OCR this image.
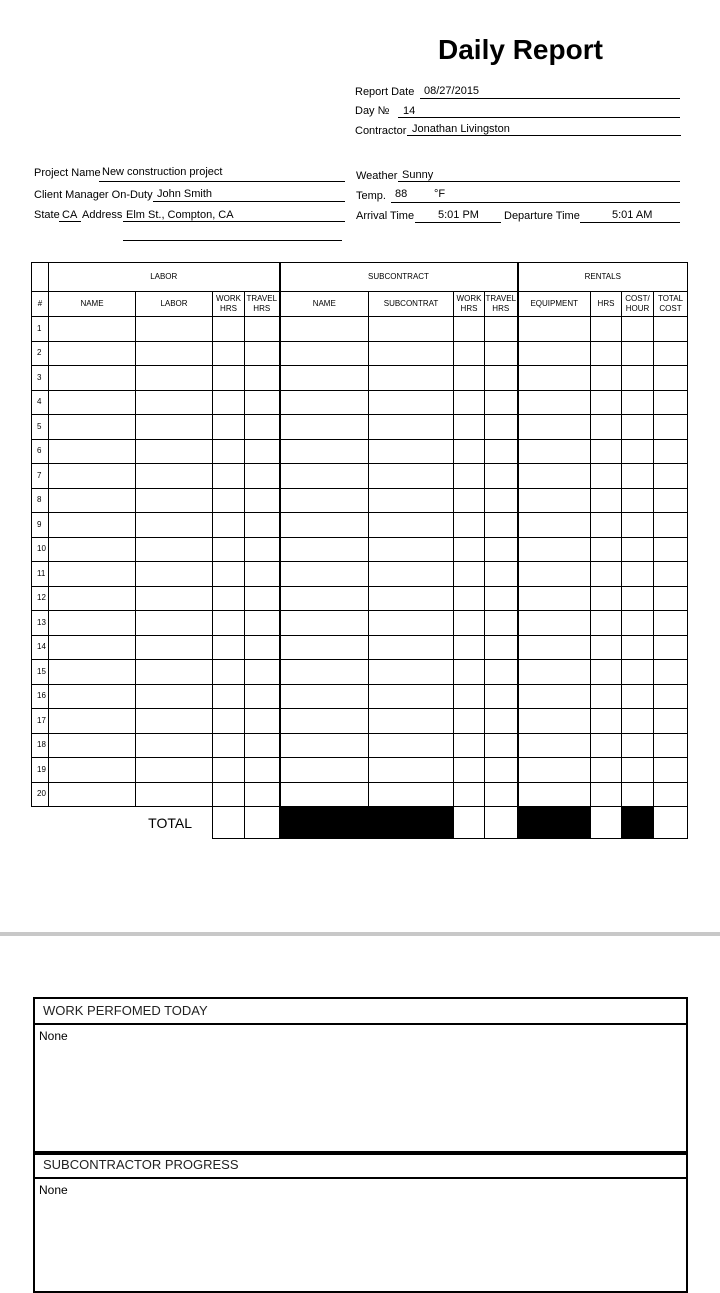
Daily Report
Report Date 08/27/2015
Day № 14
Contractor Jonathan Livingston
Project Name New construction project
Client Manager On-Duty John Smith
State CA Address Elm St., Compton, CA
Weather Sunny
Temp. 88 °F
Arrival Time 5:01 PM Departure Time	5:01 AM
	LABOR				SUBCONTRACT				RENTALS			
#	NAME	LABOR	WORK HRS	TRAVEL HRS	NAME	SUBCONTRAT	WORK HRS	TRAVEL HRS	EQUIPMENT	HRS	COST/ HOUR	TOTAL COST
1												
2												
3												
4												
5												
6												
7												
8												
9												
10												
11												
12												
13												
14												
15												
16												
17												
18												
19												
20												
TOTAL												
WORK PERFOMED TODAY
None
SUBCONTRACTOR PROGRESS
None
